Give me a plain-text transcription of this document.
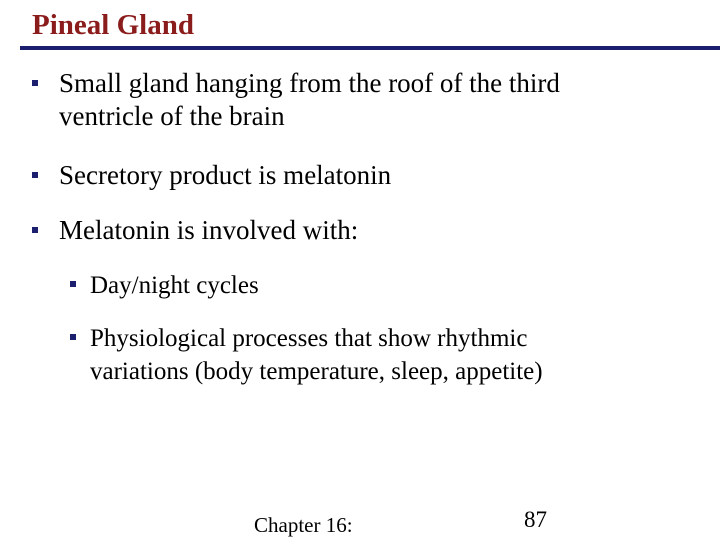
Pineal Gland
Small gland hanging from the roof of the third
ventricle of the brain
Secretory product is melatonin
Melatonin is involved with:
Day/night cycles
Physiological processes that show rhythmic
variations (body temperature, sleep, appetite)
Chapter 16:	87
